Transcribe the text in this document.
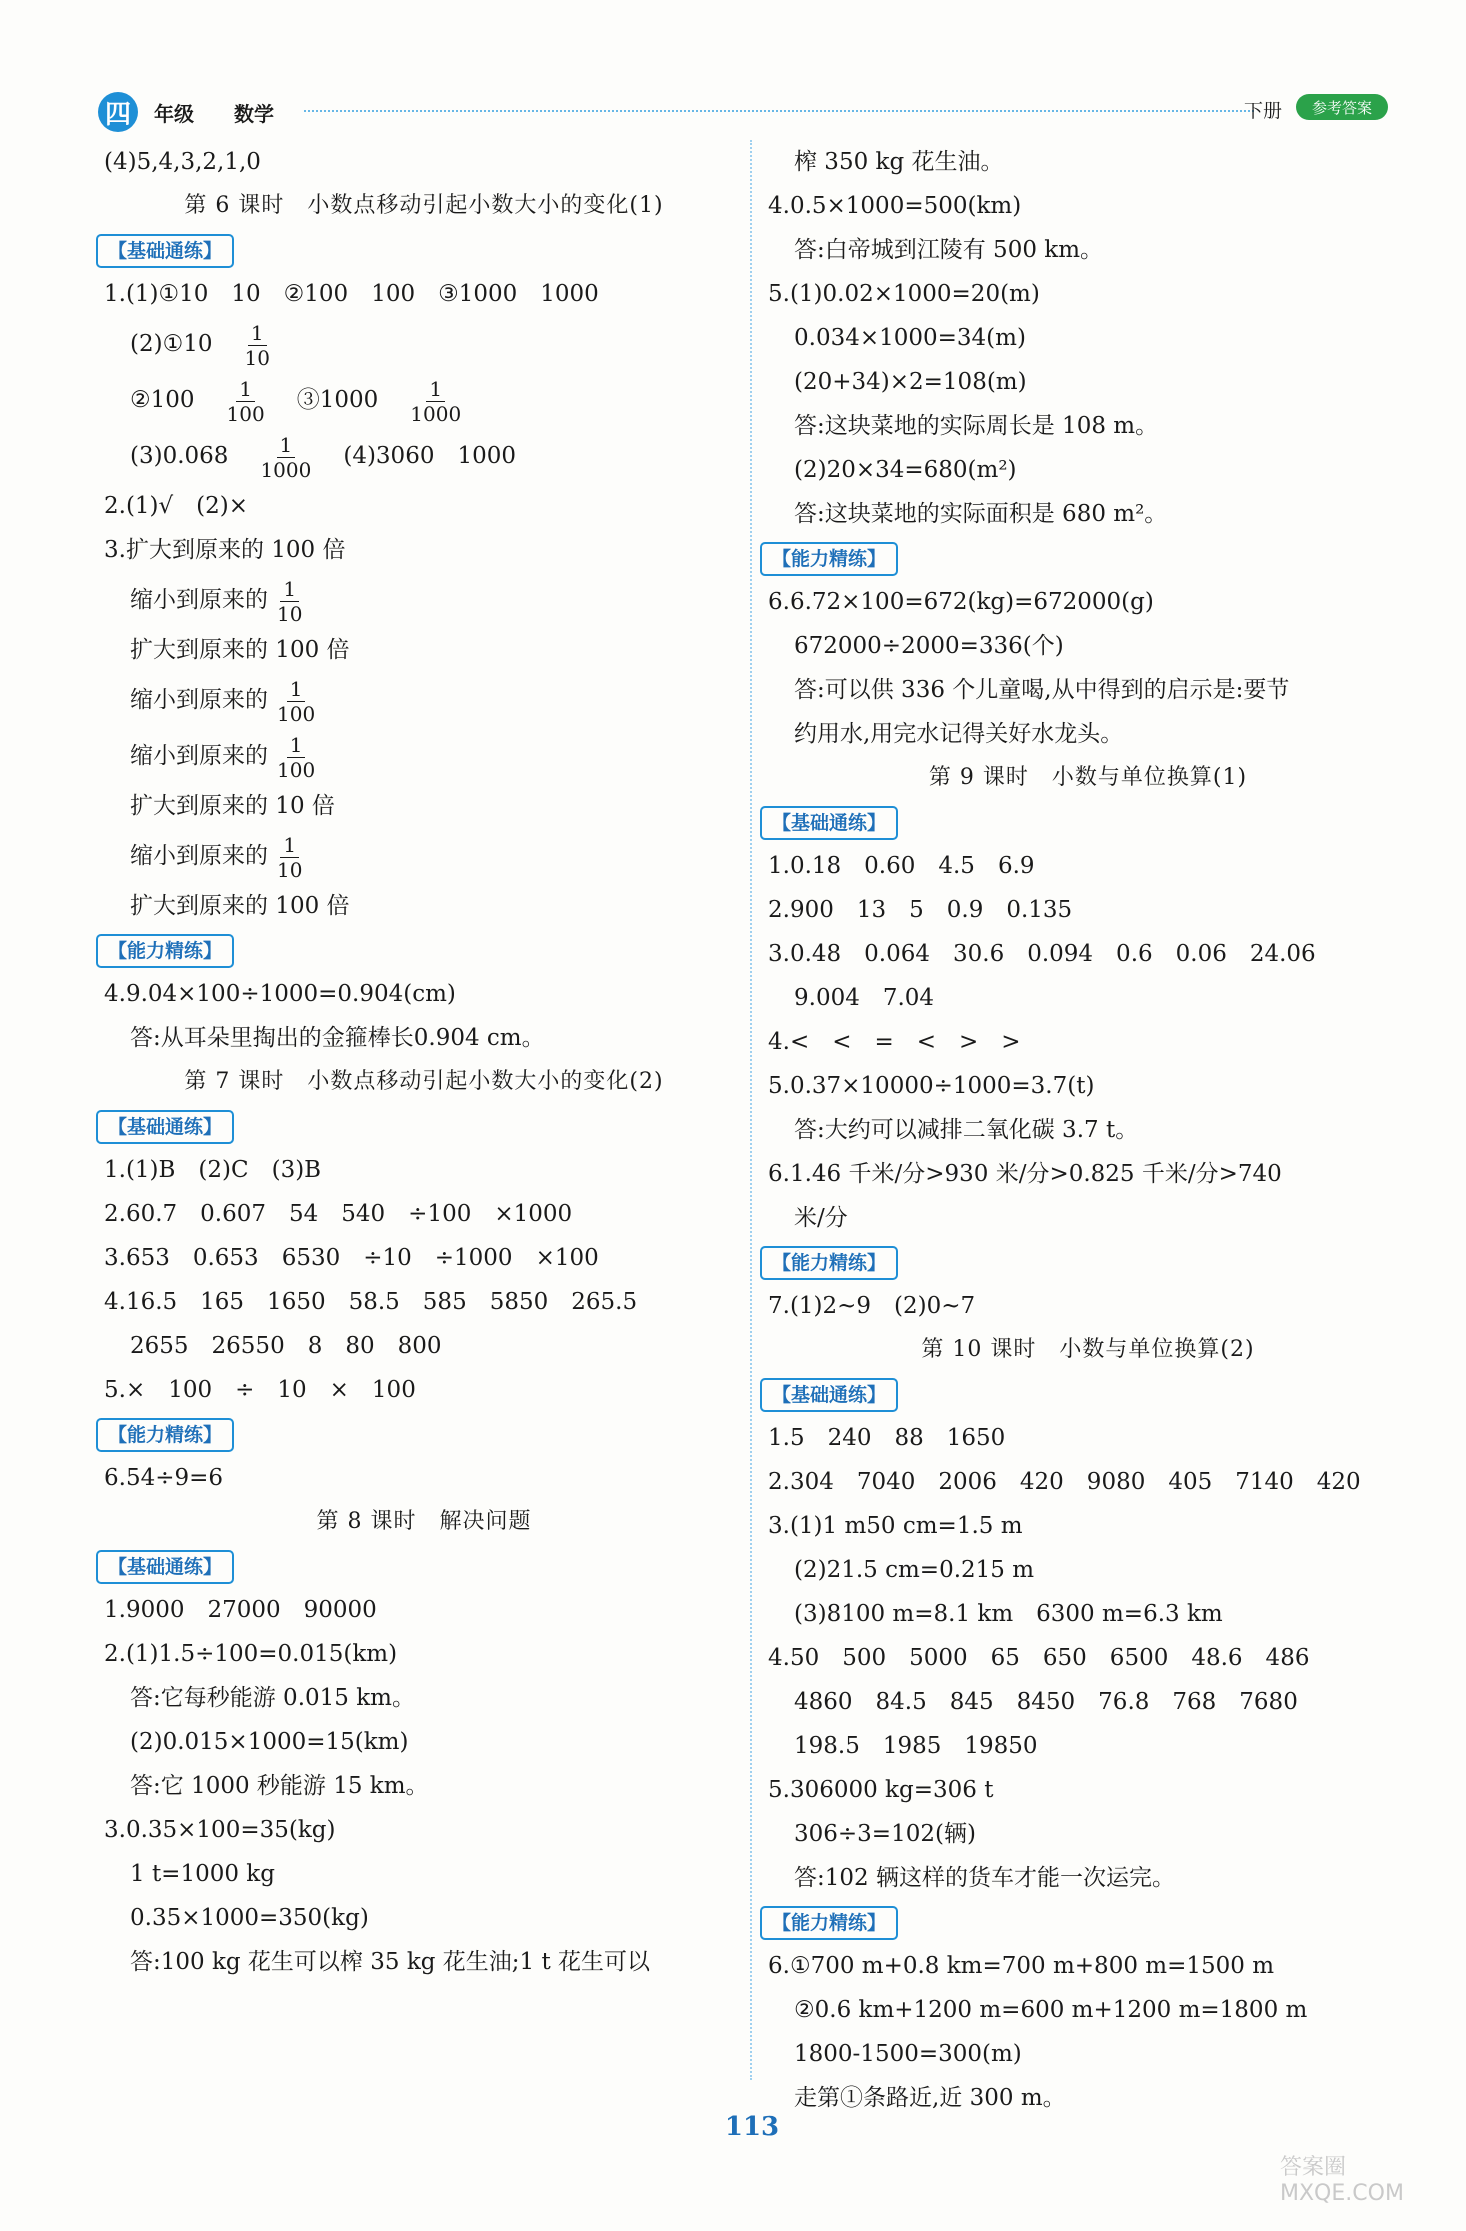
四	年级 数学	下册	参考答案
(4)5,4,3,2,1,0
第 6 课时　小数点移动引起小数大小的变化(1)
【基础通练】
1.(1)①10　10　②100　100　③1000　1000
(2)①10　 $\frac{1}{10}$
②100　 $\frac{1}{100}$ 　③1000　 $\frac{1}{1000}$
(3)0.068　 $\frac{1}{1000}$ 　(4)3060　1000
2.(1)√　(2)×
3.扩大到原来的 100 倍
缩小到原来的 $\frac{1}{10}$
扩大到原来的 100 倍
缩小到原来的 $\frac{1}{100}$
缩小到原来的 $\frac{1}{100}$
扩大到原来的 10 倍
缩小到原来的 $\frac{1}{10}$
扩大到原来的 100 倍
【能力精练】
4.9.04×100÷1000=0.904(cm)
答:从耳朵里掏出的金箍棒长0.904 cm。
第 7 课时　小数点移动引起小数大小的变化(2)
【基础通练】
1.(1)B　(2)C　(3)B
2.60.7　0.607　54　540　÷100　×1000
3.653　0.653　6530　÷10　÷1000　×100
4.16.5　165　1650　58.5　585　5850　265.5
2655　26550　8　80　800
5.×　100　÷　10　×　100
【能力精练】
6.54÷9=6
第 8 课时　解决问题
【基础通练】
1.9000　27000　90000
2.(1)1.5÷100=0.015(km)
答:它每秒能游 0.015 km。
(2)0.015×1000=15(km)
答:它 1000 秒能游 15 km。
3.0.35×100=35(kg)
1 t=1000 kg
0.35×1000=350(kg)
答:100 kg 花生可以榨 35 kg 花生油;1 t 花生可以
榨 350 kg 花生油。
4.0.5×1000=500(km)
答:白帝城到江陵有 500 km。
5.(1)0.02×1000=20(m)
0.034×1000=34(m)
(20+34)×2=108(m)
答:这块菜地的实际周长是 108 m。
(2)20×34=680(m²)
答:这块菜地的实际面积是 680 m²。
【能力精练】
6.6.72×100=672(kg)=672000(g)
672000÷2000=336(个)
答:可以供 336 个儿童喝,从中得到的启示是:要节
约用水,用完水记得关好水龙头。
第 9 课时　小数与单位换算(1)
【基础通练】
1.0.18　0.60　4.5　6.9
2.900　13　5　0.9　0.135
3.0.48　0.064　30.6　0.094　0.6　0.06　24.06
9.004　7.04
4.<　<　=　<　>　>
5.0.37×10000÷1000=3.7(t)
答:大约可以减排二氧化碳 3.7 t。
6.1.46 千米/分>930 米/分>0.825 千米/分>740
米/分
【能力精练】
7.(1)2~9　(2)0~7
第 10 课时　小数与单位换算(2)
【基础通练】
1.5　240　88　1650
2.304　7040　2006　420　9080　405　7140　420
3.(1)1 m50 cm=1.5 m
(2)21.5 cm=0.215 m
(3)8100 m=8.1 km　6300 m=6.3 km
4.50　500　5000　65　650　6500　48.6　486
4860　84.5　845　8450　76.8　768　7680
198.5　1985　19850
5.306000 kg=306 t
306÷3=102(辆)
答:102 辆这样的货车才能一次运完。
【能力精练】
6.①700 m+0.8 km=700 m+800 m=1500 m
②0.6 km+1200 m=600 m+1200 m=1800 m
1800-1500=300(m)
走第①条路近,近 300 m。
113
答案圈 MXQE.COM
